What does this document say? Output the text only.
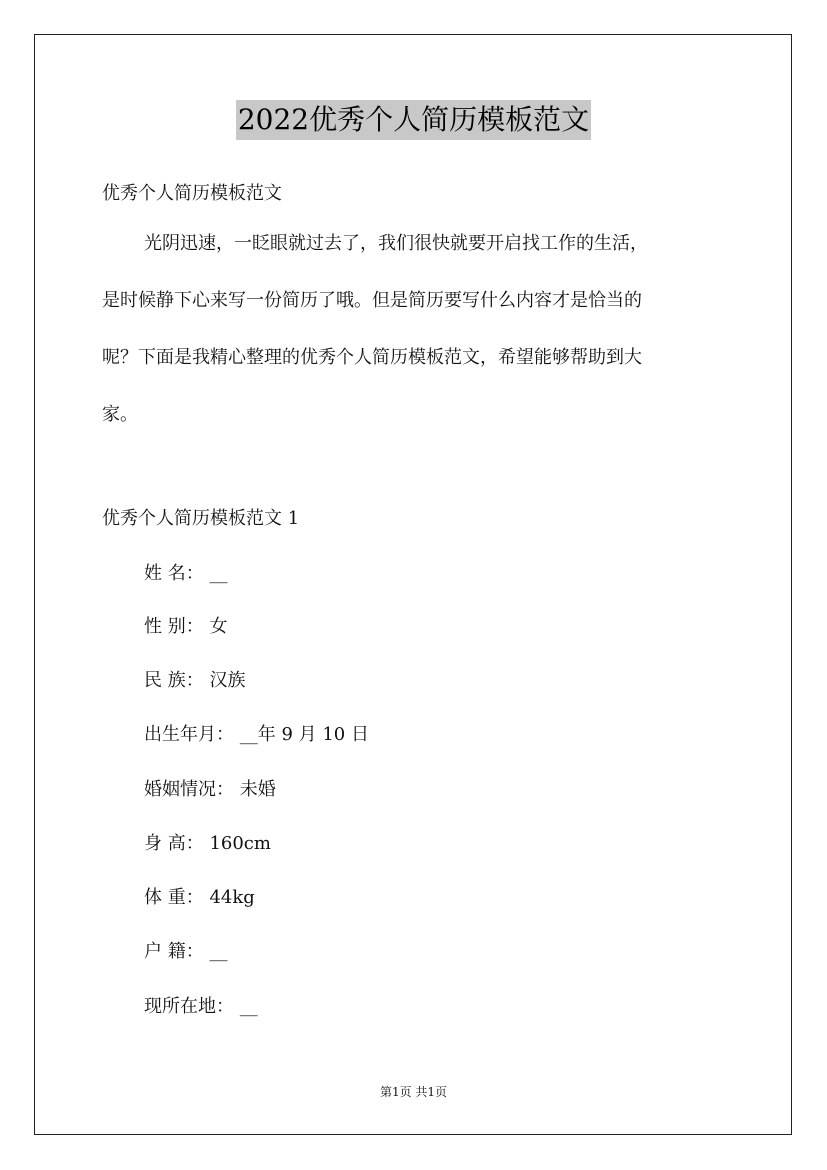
2022优秀个人简历模板范文
优秀个人简历模板范文
光阴迅速，一眨眼就过去了，我们很快就要开启找工作的生活，
是时候静下心来写一份简历了哦。但是简历要写什么内容才是恰当的
呢？下面是我精心整理的优秀个人简历模板范文，希望能够帮助到大
家。
优秀个人简历模板范文 1
姓 名： __
性 别： 女
民 族： 汉族
出生年月： __年 9 月 10 日
婚姻情况： 未婚
身 高： 160cm
体 重： 44kg
户 籍： __
现所在地： __
第1页 共1页
